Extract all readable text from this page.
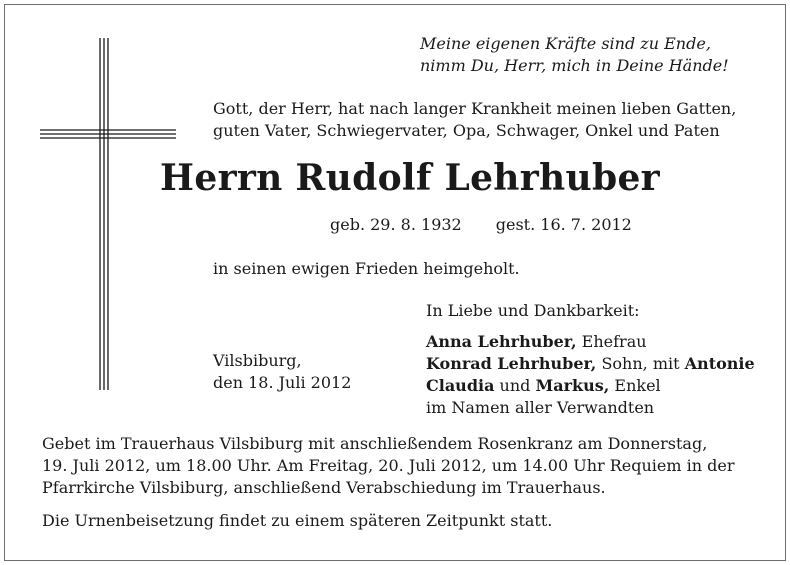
Meine eigenen Kräfte sind zu Ende,
nimm Du, Herr, mich in Deine Hände!
Gott, der Herr, hat nach langer Krankheit meinen lieben Gatten,
guten Vater, Schwiegervater, Opa, Schwager, Onkel und Paten
Herrn Rudolf Lehrhuber
geb. 29. 8. 1932 gest. 16. 7. 2012
in seinen ewigen Frieden heimgeholt.
In Liebe und Dankbarkeit:
Anna Lehrhuber, Ehefrau
Konrad Lehrhuber, Sohn, mit Antonie
Claudia und Markus, Enkel
im Namen aller Verwandten
Vilsbiburg,
den 18. Juli 2012
Gebet im Trauerhaus Vilsbiburg mit anschließendem Rosenkranz am Donnerstag,
19. Juli 2012, um 18.00 Uhr. Am Freitag, 20. Juli 2012, um 14.00 Uhr Requiem in der
Pfarrkirche Vilsbiburg, anschließend Verabschiedung im Trauerhaus.
Die Urnenbeisetzung findet zu einem späteren Zeitpunkt statt.
